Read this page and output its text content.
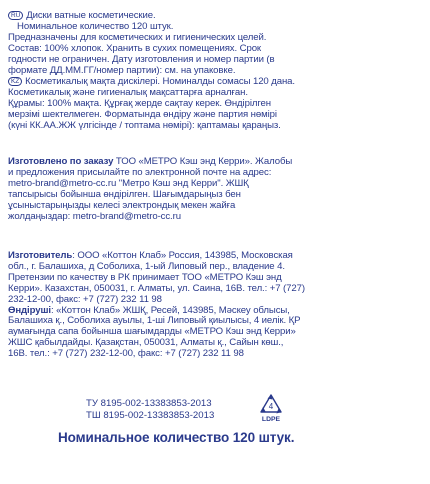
RU Диски ватные косметические.
Номинальное количество 120 штук.
Предназначены для косметических и гигиенических целей.
Состав: 100% хлопок. Хранить в сухих помещениях. Срок
годности не ограничен. Дату изготовления и номер партии (в
формате ДД.ММ.ГГ/номер партии): см. на упаковке.
KZ Косметикалық мақта дискілері. Номиналды сомасы 120 дана.
Косметикалық және гигиеналық мақсаттарға арналған.
Құрамы: 100% мақта. Құрғақ жерде сақтау керек. Өндірілген
мерзімі шектелмеген. Форматында өндіру және партия нөмірі
(күні КК.АА.ЖЖ үлгісінде / топтама нөмірі): қаптамаы қараңыз.
Изготовлено по заказу ТОО «МЕТРО Кэш энд Керри». Жалобы
и предложения присылайте по электронной почте на адрес:
metro-brand@metro-cc.ru "Метро Кэш энд Керри". ЖШҚ
тапсырысы бойынша өндірілген. Шағымдарыңыз бен
ұсыныстарыңызды келесі электрондық мекен жайға
жолдаңыздар: metro-brand@metro-cc.ru
Изготовитель: ООО «Коттон Клаб» Россия, 143985, Московская
обл., г. Балашиха, д Соболиха, 1-ый Липовый пер., владение 4.
Претензии по качеству в РК принимает ТОО «МЕТРО Кэш энд
Керри». Казахстан, 050031, г. Алматы, ул. Саина, 16В. тел.: +7 (727)
232-12-00, факс: +7 (727) 232 11 98
Өндіруші: «Коттон Клаб» ЖШҚ, Ресей, 143985, Мәскеу облысы,
Балашиха қ., Соболиха ауылы, 1-ші Липовый қиылысы, 4 иелік. ҚР
аумағында сапа бойынша шағымдарды «МЕТРО Кэш энд Керри»
ЖШС қабылдайды. Қазақстан, 050031, Алматы қ., Сайын көш.,
16В. тел.: +7 (727) 232-12-00, факс: +7 (727) 232 11 98
ТУ 8195-002-13383853-2013
ТШ 8195-002-13383853-2013
4
LDPE
Номинальное количество 120 штук.
